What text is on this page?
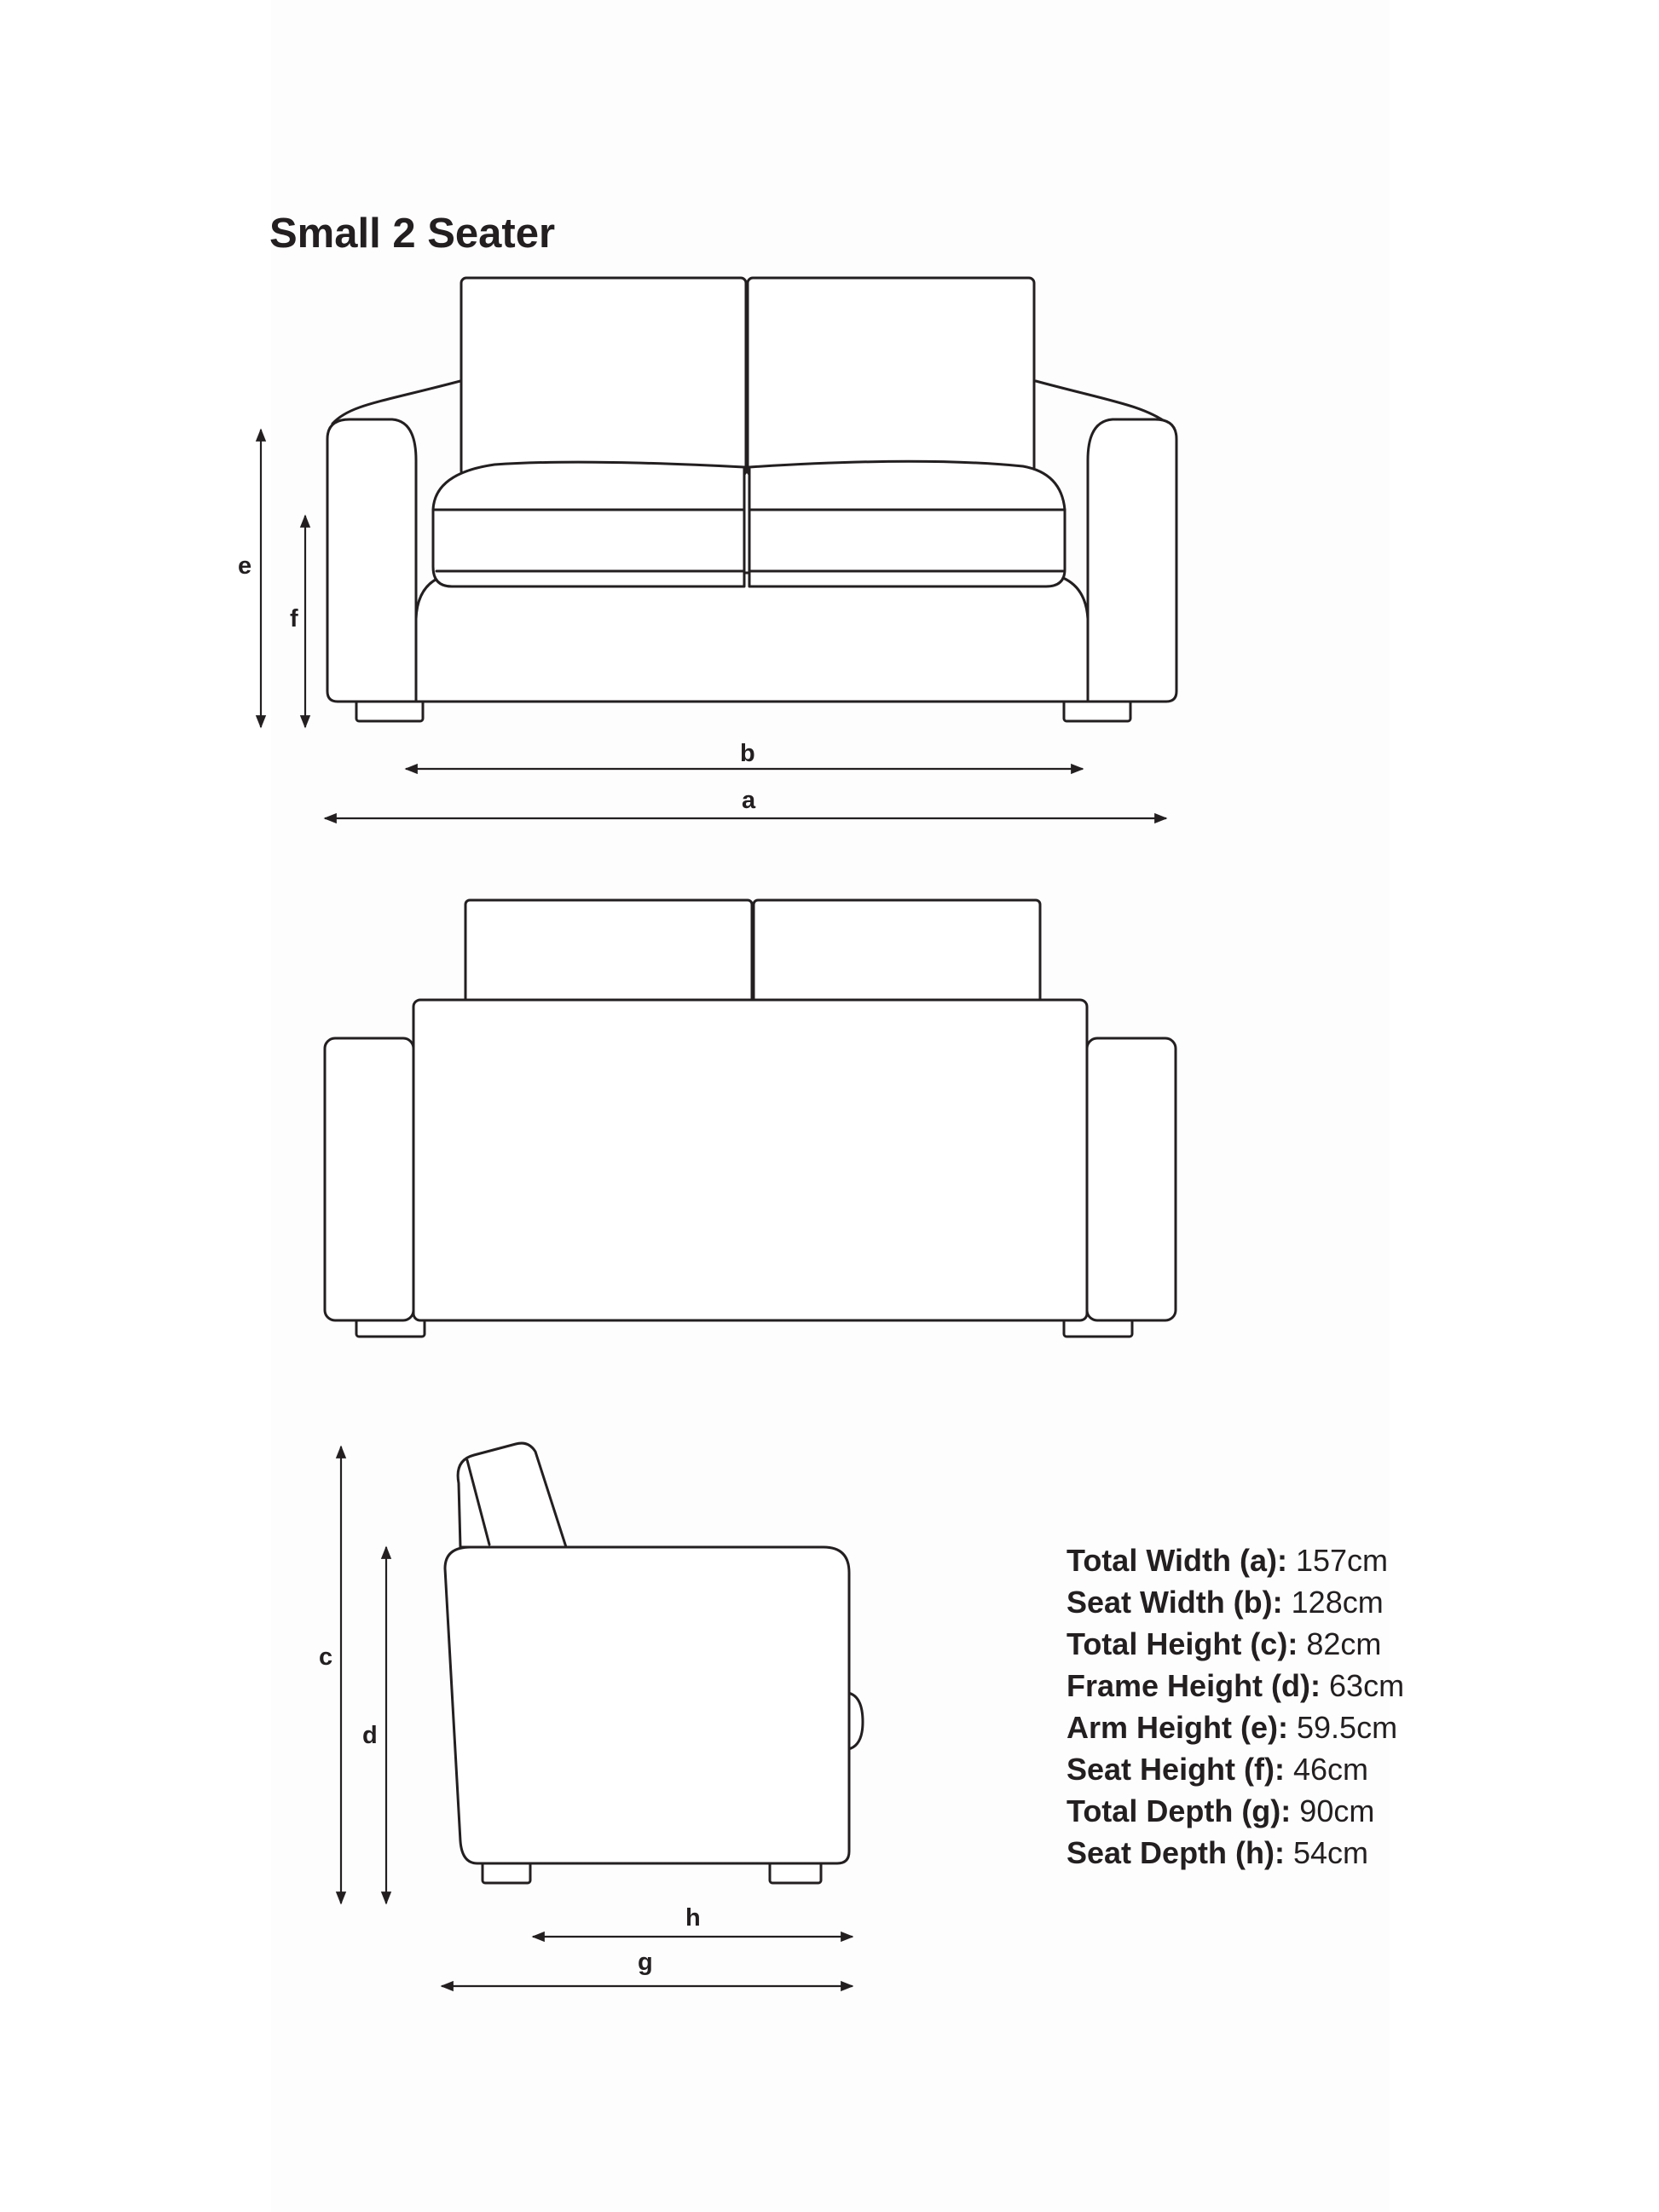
Small 2 Seater
e
f
b
a
c
d
h
g
Total Width (a): 157cm
Seat Width (b): 128cm
Total Height (c): 82cm
Frame Height (d): 63cm
Arm Height (e): 59.5cm
Seat Height (f): 46cm
Total Depth (g): 90cm
Seat Depth (h): 54cm
